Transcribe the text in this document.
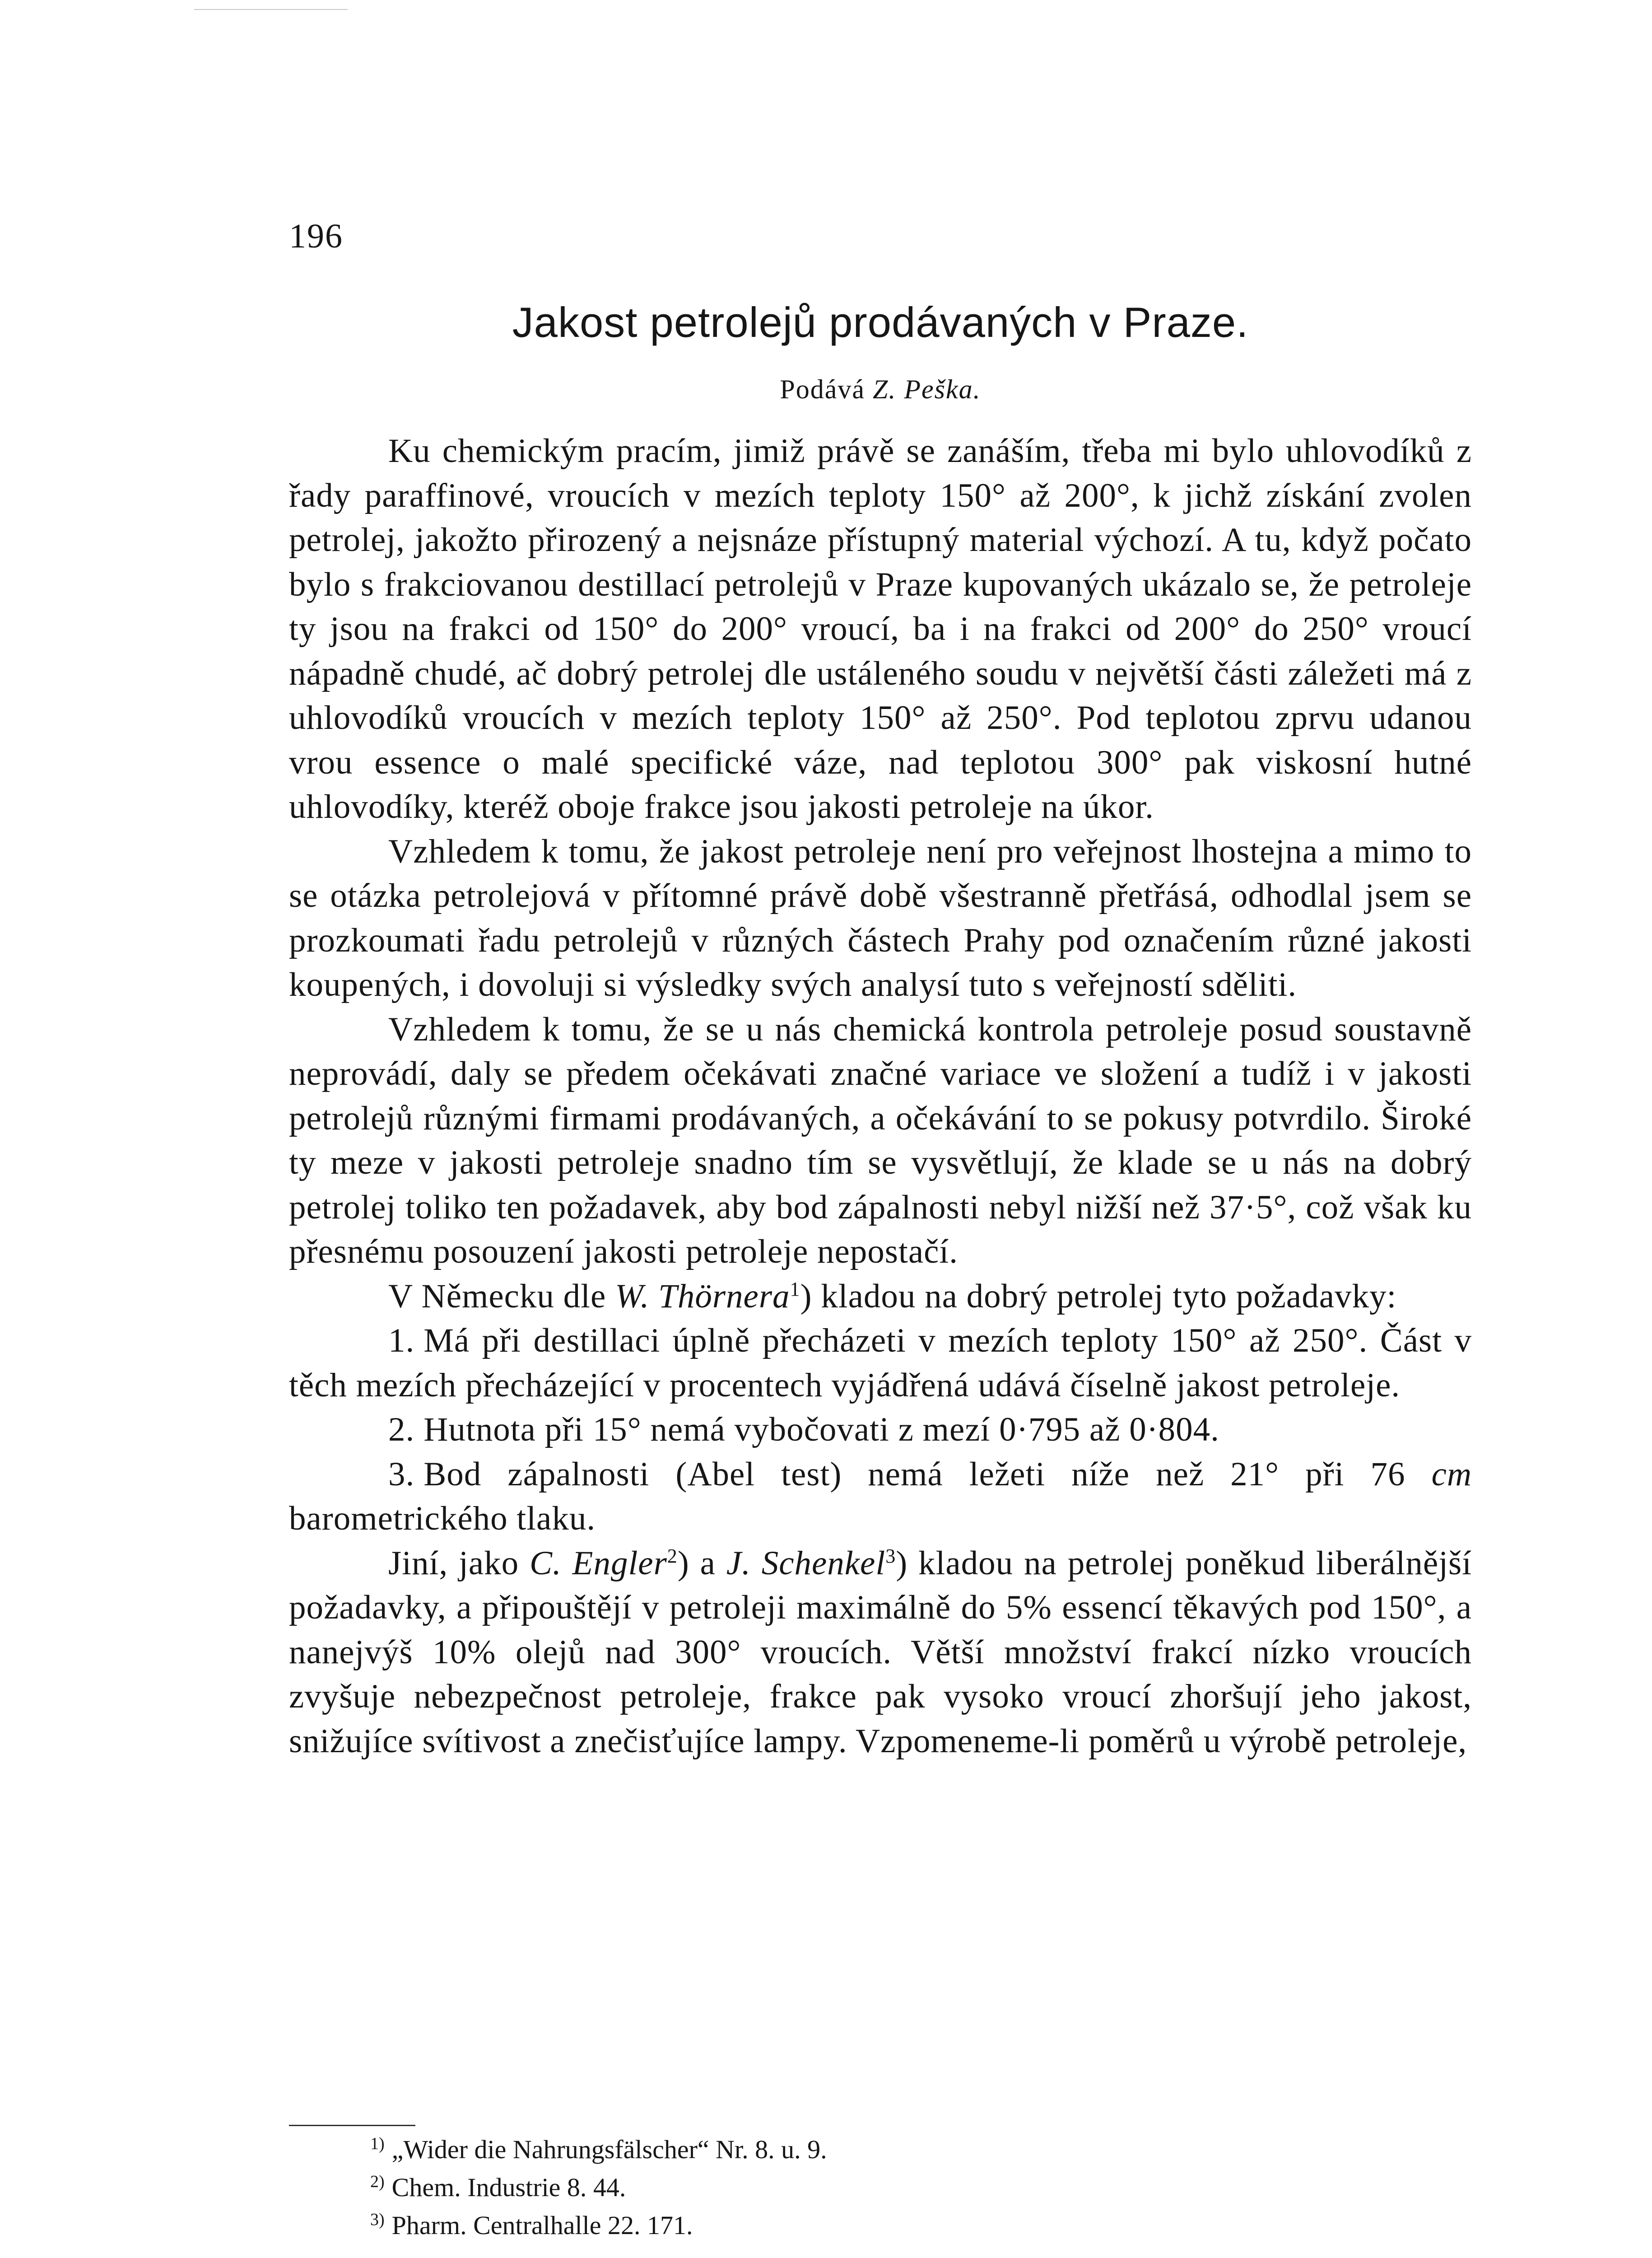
196
Jakost petrolejů prodávaných v Praze.
Podává Z. Peška.

Ku chemickým pracím, jimiž právě se zanáším, třeba mi bylo uhlovodíků z řady paraffinové, vroucích v mezích teploty 150° až 200°, k jichž získání zvolen petrolej, jakožto přirozený a nejsnáze přístupný material výchozí. A tu, když počato bylo s frakciovanou destillací petrolejů v Praze kupovaných ukázalo se, že petroleje ty jsou na frakci od 150° do 200° vroucí, ba i na frakci od 200° do 250° vroucí nápadně chudé, ač dobrý petrolej dle ustáleného soudu v největší části záležeti má z uhlovodíků vroucích v mezích teploty 150° až 250°. Pod teplotou zprvu udanou vrou essence o malé specifické váze, nad teplotou 300° pak viskosní hutné uhlovodíky, kteréž oboje frakce jsou jakosti petroleje na úkor.

Vzhledem k tomu, že jakost petroleje není pro veřejnost lhostejna a mimo to se otázka petrolejová v přítomné právě době všestranně přetřásá, odhodlal jsem se prozkoumati řadu petrolejů v různých částech Prahy pod označením různé jakosti koupených, i dovoluji si výsledky svých analysí tuto s veřejností sděliti.

Vzhledem k tomu, že se u nás chemická kontrola petroleje posud soustavně neprovádí, daly se předem očekávati značné variace ve složení a tudíž i v jakosti petrolejů různými firmami prodávaných, a očekávání to se pokusy potvrdilo. Široké ty meze v jakosti petroleje snadno tím se vysvětlují, že klade se u nás na dobrý petrolej toliko ten požadavek, aby bod zápalnosti nebyl nižší než 37·5°, což však ku přesnému posouzení jakosti petroleje nepostačí.

V Německu dle W. Thörnera$^1$) kladou na dobrý petrolej tyto požadavky:

1. Má při destillaci úplně přecházeti v mezích teploty 150° až 250°. Část v těch mezích přecházející v procentech vyjádřená udává číselně jakost petroleje.
2. Hutnota při 15° nemá vybočovati z mezí 0·795 až 0·804.
3. Bod zápalnosti (Abel test) nemá ležeti níže než 21° při 76 cm barometrického tlaku.

Jiní, jako C. Engler$^2$) a J. Schenkel$^3$) kladou na petrolej poněkud liberálnější požadavky, a připouštějí v petroleji maximálně do 5% essencí těkavých pod 150°, a nanejvýš 10% olejů nad 300° vroucích. Větší množství frakcí nízko vroucích zvyšuje nebezpečnost petroleje, frakce pak vysoko vroucí zhoršují jeho jakost, snižujíce svítivost a znečisťujíce lampy. Vzpomeneme-li poměrů u výrobě petroleje,

$^{1)}$ „Wider die Nahrungsfälscher“ Nr. 8. u. 9.
$^{2)}$ Chem. Industrie 8. 44.
$^{3)}$ Pharm. Centralhalle 22. 171.
